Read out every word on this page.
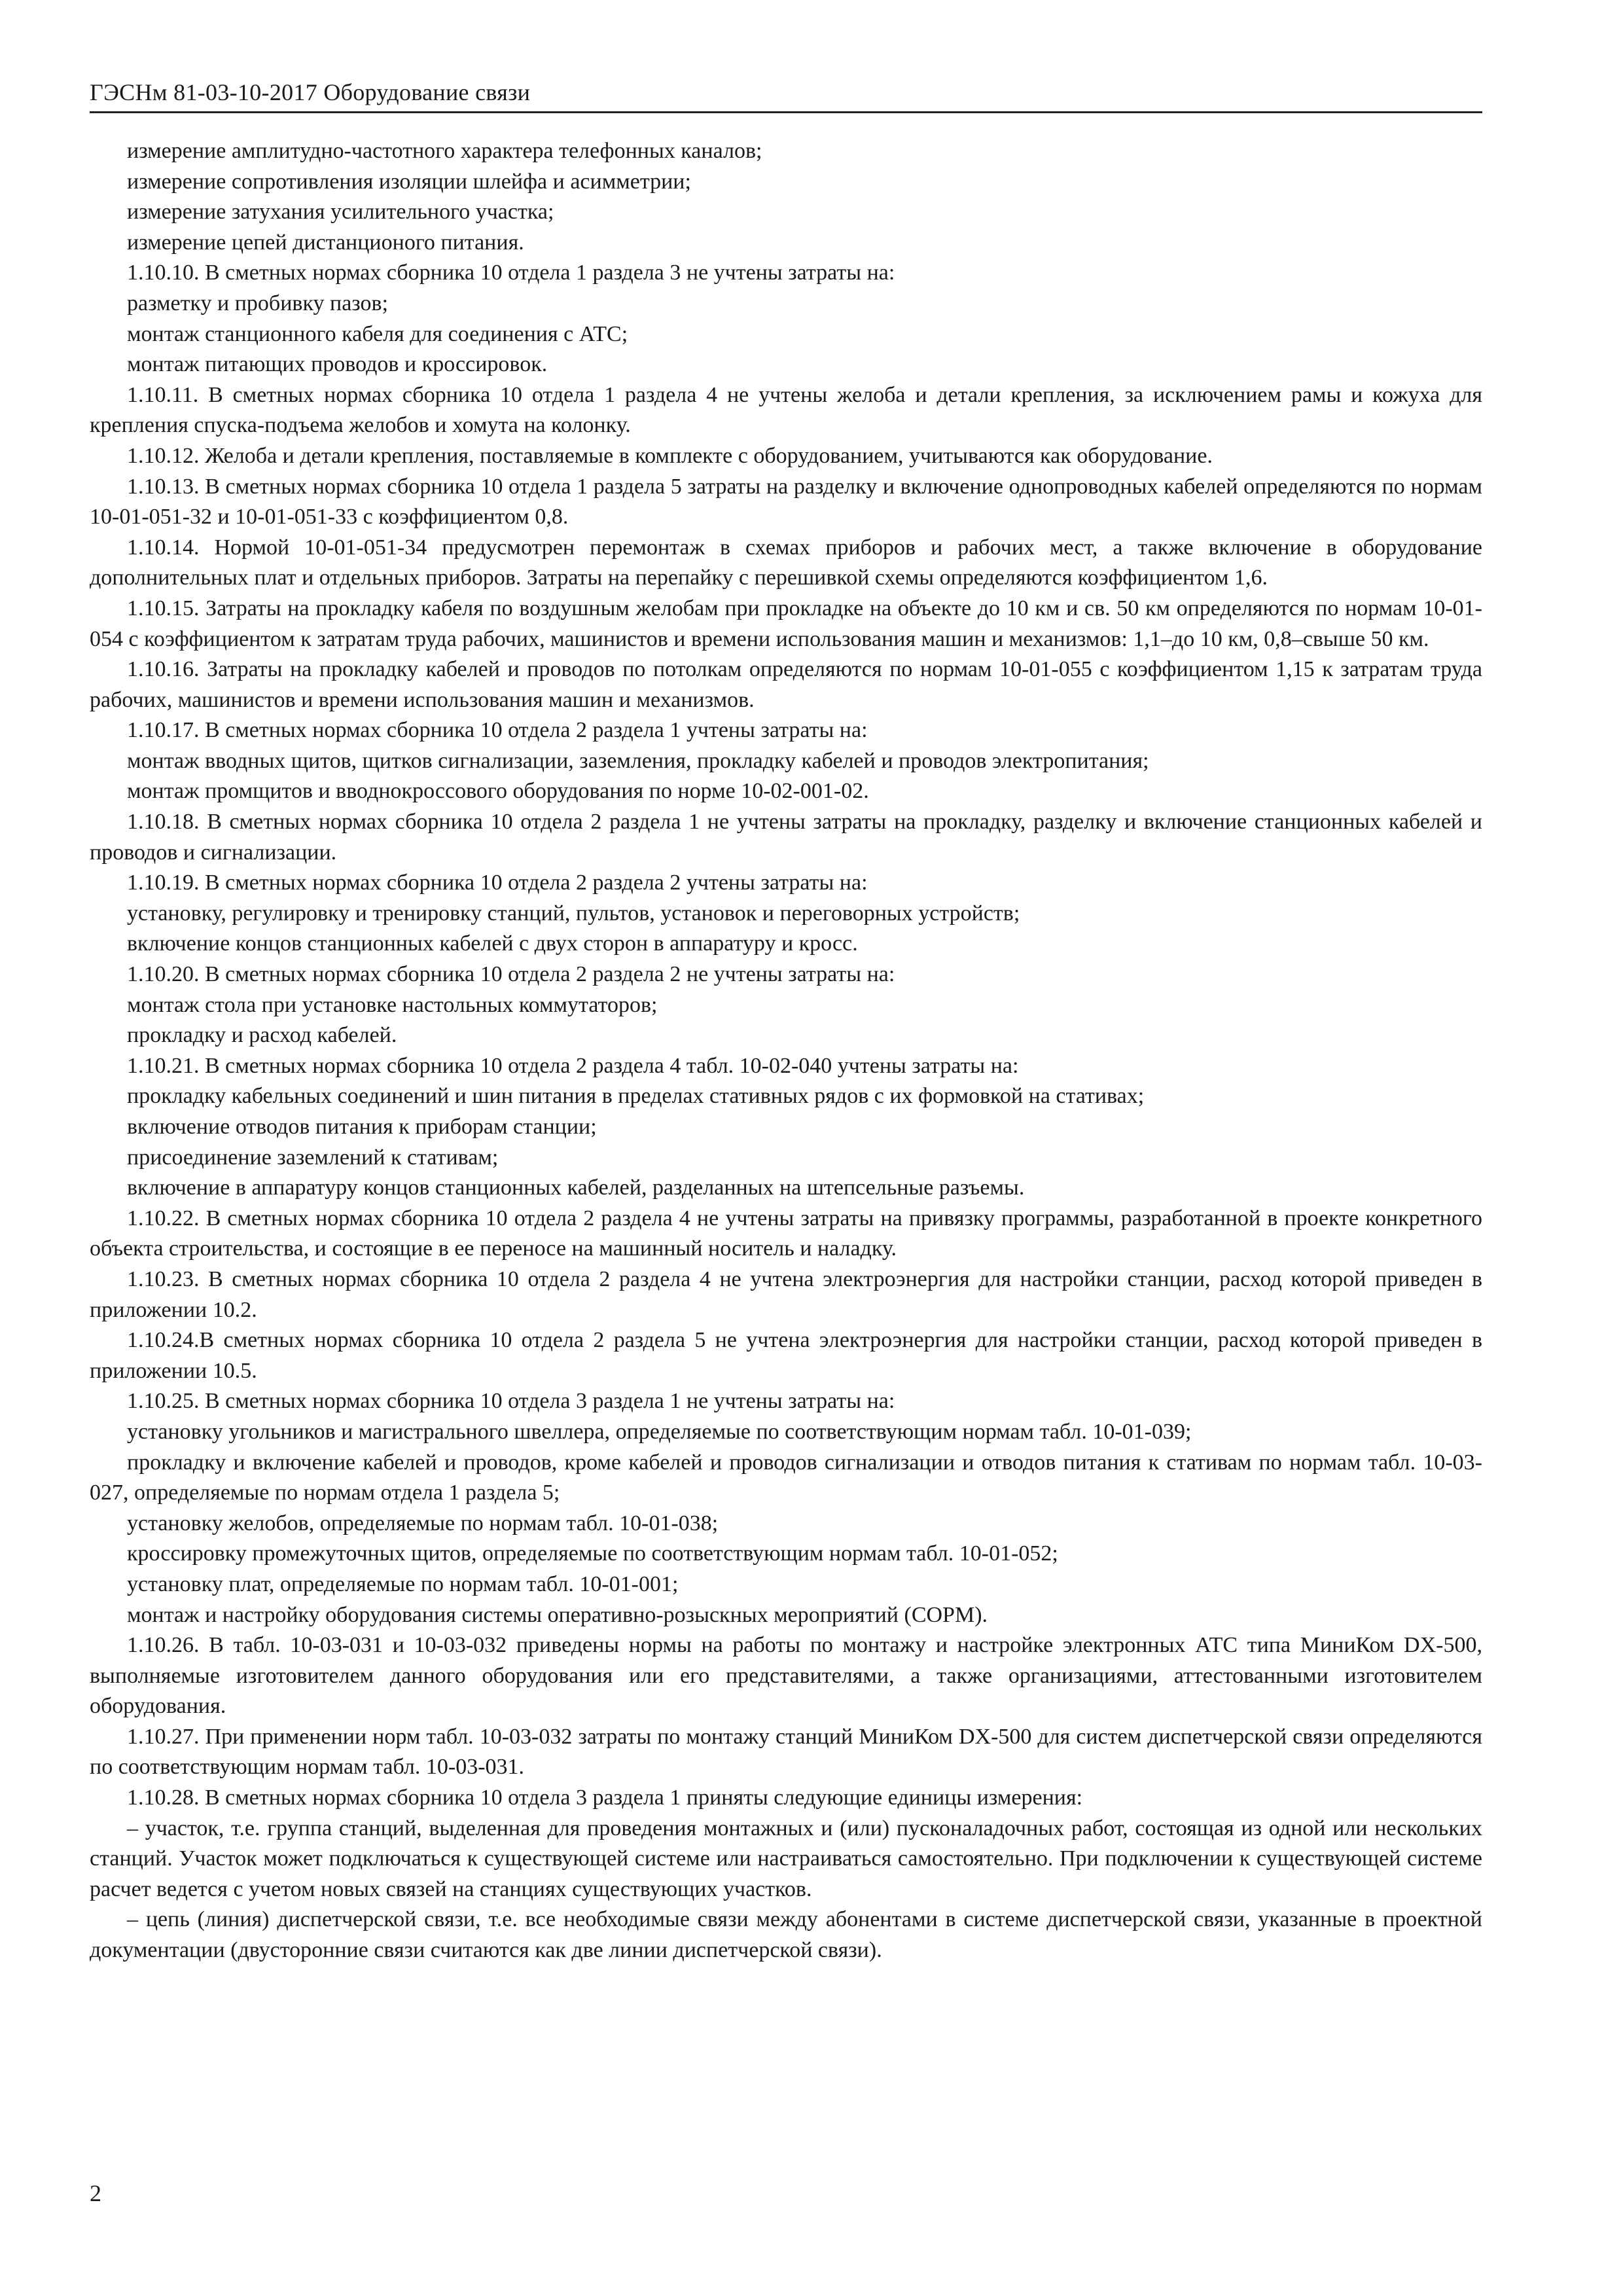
ГЭСНм 81-03-10-2017 Оборудование связи

измерение амплитудно-частотного характера телефонных каналов;

измерение сопротивления изоляции шлейфа и асимметрии;

измерение затухания усилительного участка;

измерение цепей дистанционого питания.

1.10.10. В сметных нормах сборника 10 отдела 1 раздела 3 не учтены затраты на:

разметку и пробивку пазов;

монтаж станционного кабеля для соединения с АТС;

монтаж питающих проводов и кроссировок.

1.10.11. В сметных нормах сборника 10 отдела 1 раздела 4 не учтены желоба и детали крепления, за исключением рамы и кожуха для крепления спуска-подъема желобов и хомута на колонку.

1.10.12. Желоба и детали крепления, поставляемые в комплекте с оборудованием, учитываются как оборудование.

1.10.13. В сметных нормах сборника 10 отдела 1 раздела 5 затраты на разделку и включение однопроводных кабелей определяются по нормам 10-01-051-32 и 10-01-051-33 с коэффициентом 0,8.

1.10.14. Нормой 10-01-051-34 предусмотрен перемонтаж в схемах приборов и рабочих мест, а также включение в оборудование дополнительных плат и отдельных приборов. Затраты на перепайку с перешивкой схемы определяются коэффициентом 1,6.

1.10.15. Затраты на прокладку кабеля по воздушным желобам при прокладке на объекте до 10 км и св. 50 км определяются по нормам 10-01-054 с коэффициентом к затратам труда рабочих, машинистов и времени использования машин и механизмов: 1,1–до 10 км, 0,8–свыше 50 км.

1.10.16. Затраты на прокладку кабелей и проводов по потолкам определяются по нормам 10-01-055 с коэффициентом 1,15 к затратам труда рабочих, машинистов и времени использования машин и механизмов.

1.10.17. В сметных нормах сборника 10 отдела 2 раздела 1 учтены затраты на:

монтаж вводных щитов, щитков сигнализации, заземления, прокладку кабелей и проводов электропитания;

монтаж промщитов и вводнокроссового оборудования по норме 10-02-001-02.

1.10.18. В сметных нормах сборника 10 отдела 2 раздела 1 не учтены затраты на прокладку, разделку и включение станционных кабелей и проводов и сигнализации.

1.10.19. В сметных нормах сборника 10 отдела 2 раздела 2 учтены затраты на:

установку, регулировку и тренировку станций, пультов, установок и переговорных устройств;

включение концов станционных кабелей с двух сторон в аппаратуру и кросс.

1.10.20. В сметных нормах сборника 10 отдела 2 раздела 2 не учтены затраты на:

монтаж стола при установке настольных коммутаторов;

прокладку и расход кабелей.

1.10.21. В сметных нормах сборника 10 отдела 2 раздела 4 табл. 10-02-040 учтены затраты на:

прокладку кабельных соединений и шин питания в пределах стативных рядов с их формовкой на стативах;

включение отводов питания к приборам станции;

присоединение заземлений к стативам;

включение в аппаратуру концов станционных кабелей, разделанных на штепсельные разъемы.

1.10.22. В сметных нормах сборника 10 отдела 2 раздела 4 не учтены затраты на привязку программы, разработанной в проекте конкретного объекта строительства, и состоящие в ее переносе на машинный носитель и наладку.

1.10.23. В сметных нормах сборника 10 отдела 2 раздела 4 не учтена электроэнергия для настройки станции, расход которой приведен в приложении 10.2.

1.10.24.В сметных нормах сборника 10 отдела 2 раздела 5 не учтена электроэнергия для настройки станции, расход которой приведен в приложении 10.5.

1.10.25. В сметных нормах сборника 10 отдела 3 раздела 1 не учтены затраты на:

установку угольников и магистрального швеллера, определяемые по соответствующим нормам табл. 10-01-039;

прокладку и включение кабелей и проводов, кроме кабелей и проводов сигнализации и отводов питания к стативам по нормам табл. 10-03-027, определяемые по нормам отдела 1 раздела 5;

установку желобов, определяемые по нормам табл. 10-01-038;

кроссировку промежуточных щитов, определяемые по соответствующим нормам табл. 10-01-052;

установку плат, определяемые по нормам табл. 10-01-001;

монтаж и настройку оборудования системы оперативно-розыскных мероприятий (СОРМ).

1.10.26. В табл. 10-03-031 и 10-03-032 приведены нормы на работы по монтажу и настройке электронных АТС типа МиниКом DX-500, выполняемые изготовителем данного оборудования или его представителями, а также организациями, аттестованными изготовителем оборудования.

1.10.27. При применении норм табл. 10-03-032 затраты по монтажу станций МиниКом DX-500 для систем диспетчерской связи определяются по соответствующим нормам табл. 10-03-031.

1.10.28. В сметных нормах сборника 10 отдела 3 раздела 1 приняты следующие единицы измерения:

– участок, т.е. группа станций, выделенная для проведения монтажных и (или) пусконаладочных работ, состоящая из одной или нескольких станций. Участок может подключаться к существующей системе или настраиваться самостоятельно. При подключении к существующей системе расчет ведется с учетом новых связей на станциях существующих участков.

– цепь (линия) диспетчерской связи, т.е. все необходимые связи между абонентами в системе диспетчерской связи, указанные в проектной документации (двусторонние связи считаются как две линии диспетчерской связи).

2
